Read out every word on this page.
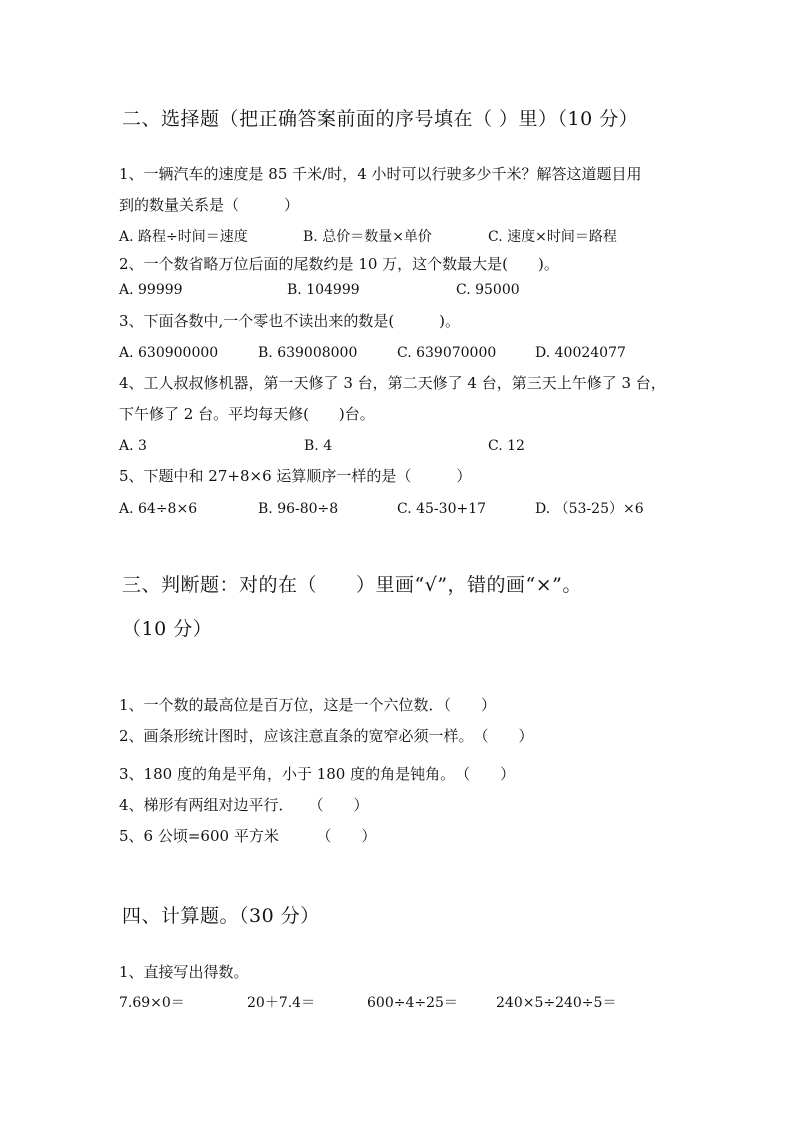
二、选择题（把正确答案前面的序号填在（ ）里）（10 分）
1、一辆汽车的速度是 85 千米/时，4 小时可以行驶多少千米？解答这道题目用
到的数量关系是（　　　）
A. 路程÷时间＝速度	B. 总价＝数量×单价	C. 速度×时间＝路程
2、一个数省略万位后面的尾数约是 10 万，这个数最大是(　　)。
A. 99999	B. 104999	C. 95000
3、下面各数中,一个零也不读出来的数是(　　　)。
A. 630900000	B. 639008000	C. 639070000	D. 40024077
4、工人叔叔修机器，第一天修了 3 台，第二天修了 4 台，第三天上午修了 3 台，
下午修了 2 台。平均每天修(　　)台。
A. 3	B. 4	C. 12
5、下题中和 27+8×6 运算顺序一样的是（　　　）
A. 64÷8×6	B. 96-80÷8	C. 45-30+17	D. （53-25）×6
三、判断题：对的在（　　）里画“√”，错的画“×”。
（10 分）
1、一个数的最高位是百万位，这是一个六位数．（　　）
2、画条形统计图时，应该注意直条的宽窄必须一样。　（　　）
3、180 度的角是平角，小于 180 度的角是钝角。　（　　）
4、梯形有两组对边平行．　　（　　）
5、6 公顷=600 平方米　　　（　　）
四、计算题。（30 分）
1、直接写出得数。
7.69×0＝	20＋7.4＝	600÷4÷25＝	240×5÷240÷5＝
